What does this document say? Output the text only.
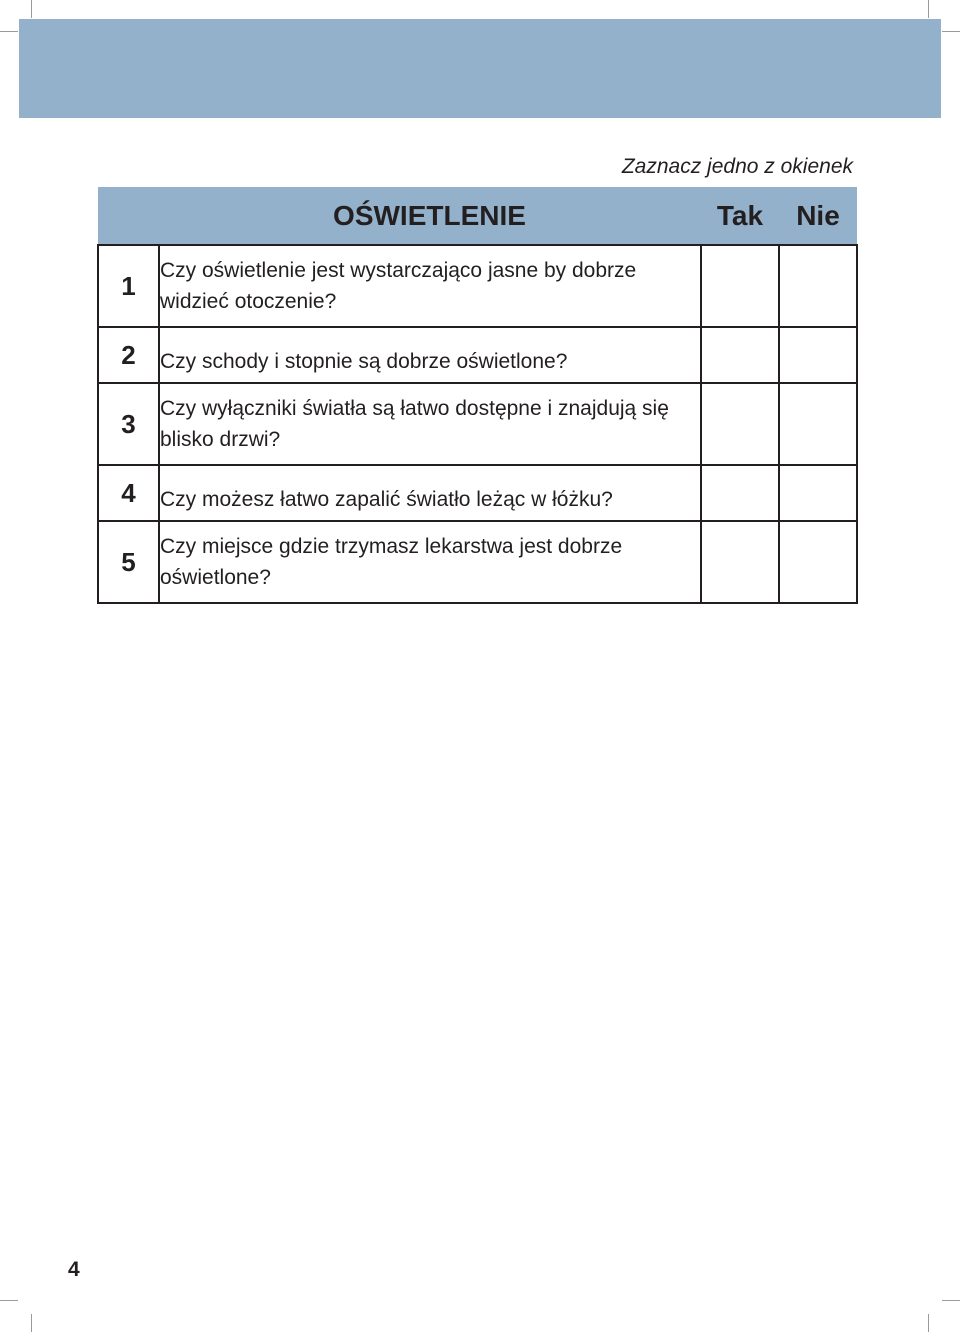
Zaznacz jedno z okienek
OŚWIETLENIE		Tak	Nie
1	Czy oświetlenie jest wystarczająco jasne by dobrze widzieć otoczenie?		
2	Czy schody i stopnie są dobrze oświetlone?		
3	Czy wyłączniki światła są łatwo dostępne i znajdują się blisko drzwi?		
4	Czy możesz łatwo zapalić światło leżąc w łóżku?		
5	Czy miejsce gdzie trzymasz lekarstwa jest dobrze oświetlone?		
4
